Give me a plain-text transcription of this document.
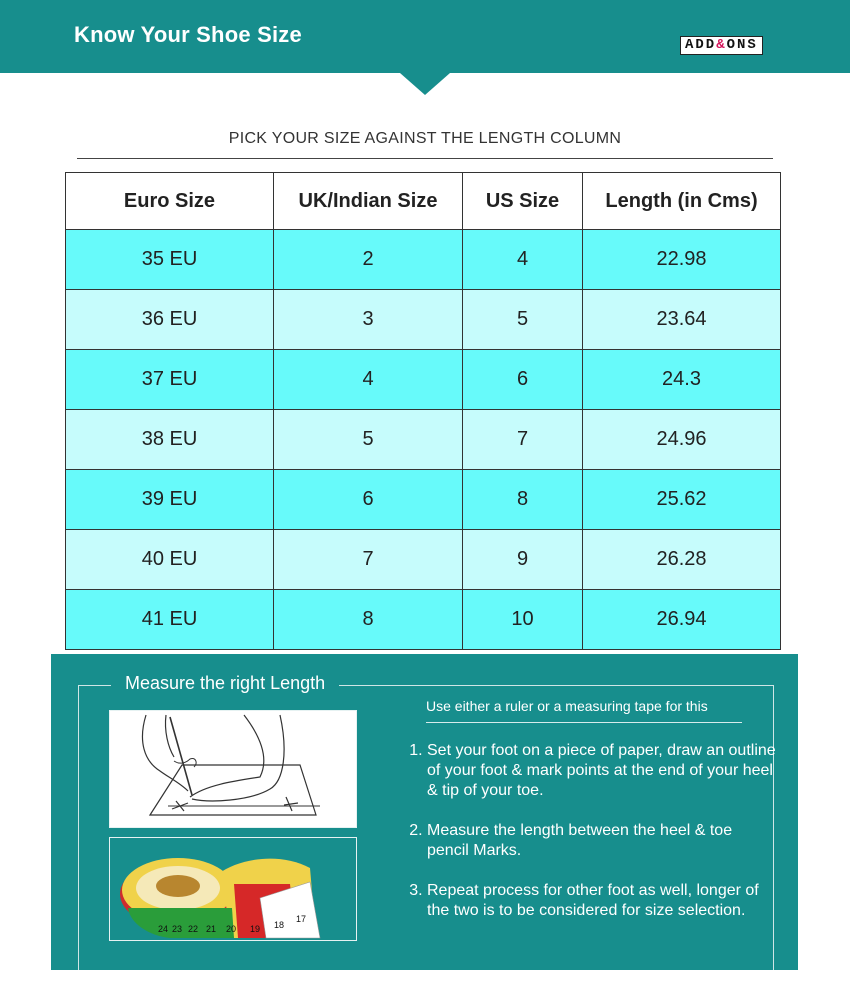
Know Your Shoe Size	ADD&ONS
PICK YOUR SIZE AGAINST THE LENGTH COLUMN
Euro Size	UK/Indian Size	US Size	Length (in Cms)
35 EU	2	4	22.98
36 EU	3	5	23.64
37 EU	4	6	24.3
38 EU	5	7	24.96
39 EU	6	8	25.62
40 EU	7	9	26.28
41 EU	8	10	26.94
Measure the right Length
24 23 22 21 20 19 18
17
Use either a ruler or a measuring tape for this
1. Set your foot on a piece of paper, draw an outline of your foot & mark points at the end of your heel & tip of your toe.
2. Measure the length between the heel & toe pencil Marks.
3. Repeat process for other foot as well, longer of the two is to be considered for size selection.
